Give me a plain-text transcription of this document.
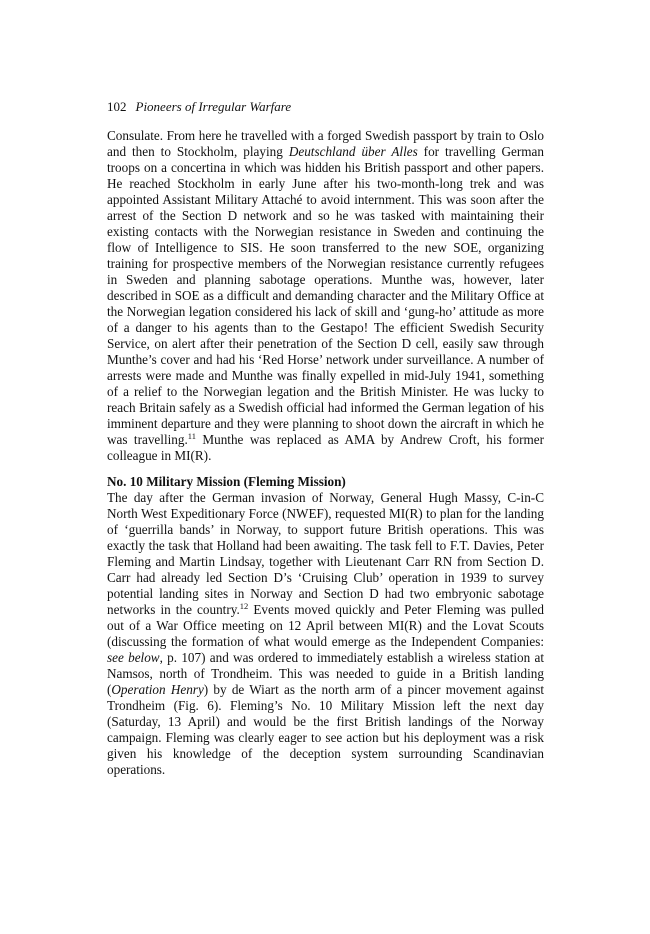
102 Pioneers of Irregular Warfare

Consulate. From here he travelled with a forged Swedish passport by train to Oslo and then to Stockholm, playing Deutschland über Alles for travelling German troops on a concertina in which was hidden his British passport and other papers. He reached Stockholm in early June after his two-month-long trek and was appointed Assistant Military Attaché to avoid internment. This was soon after the arrest of the Section D network and so he was tasked with maintaining their existing contacts with the Norwegian resistance in Sweden and continuing the flow of Intelligence to SIS. He soon transferred to the new SOE, organizing training for prospective members of the Norwegian resistance currently refugees in Sweden and planning sabotage operations. Munthe was, however, later described in SOE as a difficult and demanding character and the Military Office at the Norwegian legation considered his lack of skill and ‘gung-ho’ attitude as more of a danger to his agents than to the Gestapo! The efficient Swedish Security Service, on alert after their penetration of the Section D cell, easily saw through Munthe’s cover and had his ‘Red Horse’ network under surveillance. A number of arrests were made and Munthe was finally expelled in mid-July 1941, something of a relief to the Norwegian legation and the British Minister. He was lucky to reach Britain safely as a Swedish official had informed the German legation of his imminent departure and they were planning to shoot down the aircraft in which he was travelling.$^{11}$ Munthe was replaced as AMA by Andrew Croft, his former colleague in MI(R).

No. 10 Military Mission (Fleming Mission)

The day after the German invasion of Norway, General Hugh Massy, C-in-C North West Expeditionary Force (NWEF), requested MI(R) to plan for the landing of ‘guerrilla bands’ in Norway, to support future British operations. This was exactly the task that Holland had been awaiting. The task fell to F.T. Davies, Peter Fleming and Martin Lindsay, together with Lieutenant Carr RN from Section D. Carr had already led Section D’s ‘Cruising Club’ operation in 1939 to survey potential landing sites in Norway and Section D had two embryonic sabotage networks in the country.$^{12}$ Events moved quickly and Peter Fleming was pulled out of a War Office meeting on 12 April between MI(R) and the Lovat Scouts (discussing the formation of what would emerge as the Independent Companies: see below, p. 107) and was ordered to immediately establish a wireless station at Namsos, north of Trondheim. This was needed to guide in a British landing (Operation Henry) by de Wiart as the north arm of a pincer movement against Trondheim (Fig. 6). Fleming’s No. 10 Military Mission left the next day (Saturday, 13 April) and would be the first British landings of the Norway campaign. Fleming was clearly eager to see action but his deployment was a risk given his knowledge of the deception system surrounding Scandinavian operations.
